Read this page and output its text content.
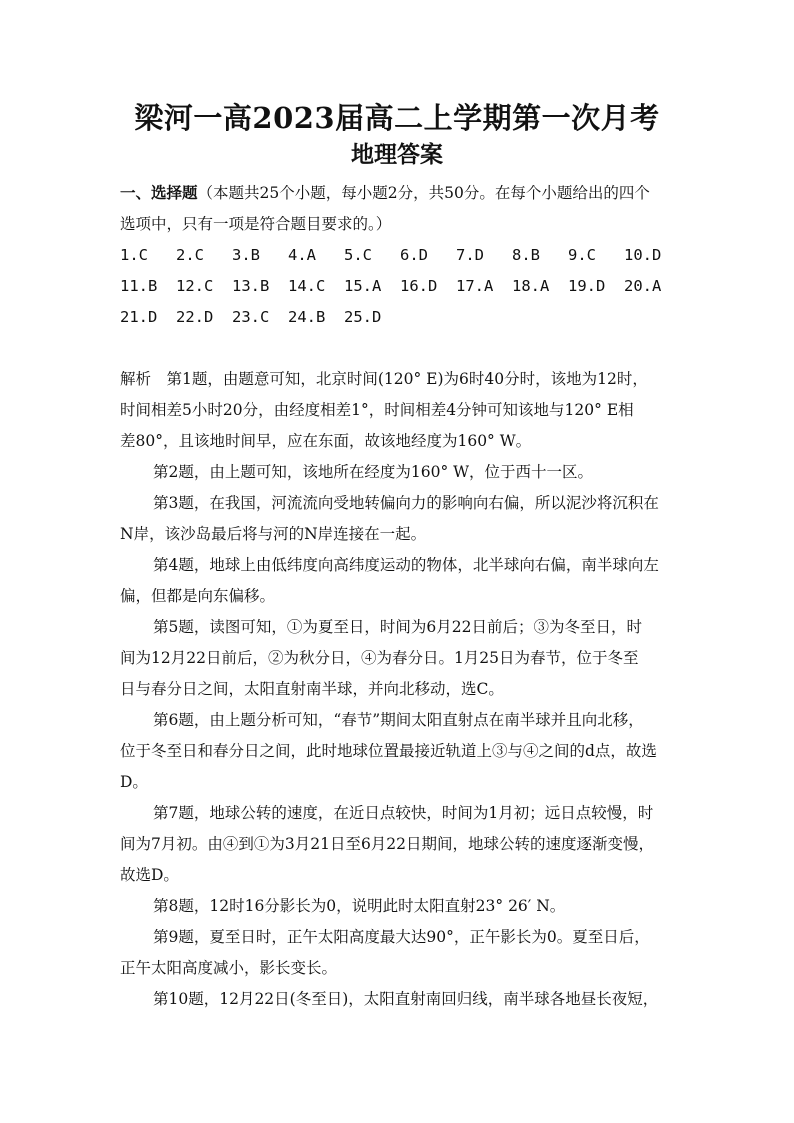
梁河一高2023届高二上学期第一次月考
地理答案
一、选择题（本题共25个小题，每小题2分，共50分。在每个小题给出的四个
选项中，只有一项是符合题目要求的。）
1.C 2.C 3.B 4.A 5.C 6.D 7.D 8.B 9.C 10.D
11.B 12.C 13.B 14.C 15.A 16.D 17.A 18.A 19.D 20.A
21.D 22.D 23.C 24.B 25.D
解析　第1题，由题意可知，北京时间(120° E)为6时40分时，该地为12时，
时间相差5小时20分，由经度相差1°，时间相差4分钟可知该地与120° E相
差80°，且该地时间早，应在东面，故该地经度为160° W。
第2题，由上题可知，该地所在经度为160° W，位于西十一区。
第3题，在我国，河流流向受地转偏向力的影响向右偏，所以泥沙将沉积在
N岸，该沙岛最后将与河的N岸连接在一起。
第4题，地球上由低纬度向高纬度运动的物体，北半球向右偏，南半球向左
偏，但都是向东偏移。
第5题，读图可知，①为夏至日，时间为6月22日前后；③为冬至日，时
间为12月22日前后，②为秋分日，④为春分日。1月25日为春节，位于冬至
日与春分日之间，太阳直射南半球，并向北移动，选C。
第6题，由上题分析可知，“春节”期间太阳直射点在南半球并且向北移，
位于冬至日和春分日之间，此时地球位置最接近轨道上③与④之间的d点，故选
D。
第7题，地球公转的速度，在近日点较快，时间为1月初；远日点较慢，时
间为7月初。由④到①为3月21日至6月22日期间，地球公转的速度逐渐变慢，
故选D。
第8题，12时16分影长为0，说明此时太阳直射23° 26′ N。
第9题，夏至日时，正午太阳高度最大达90°，正午影长为0。夏至日后，
正午太阳高度减小，影长变长。
第10题，12月22日(冬至日)，太阳直射南回归线，南半球各地昼长夜短，
